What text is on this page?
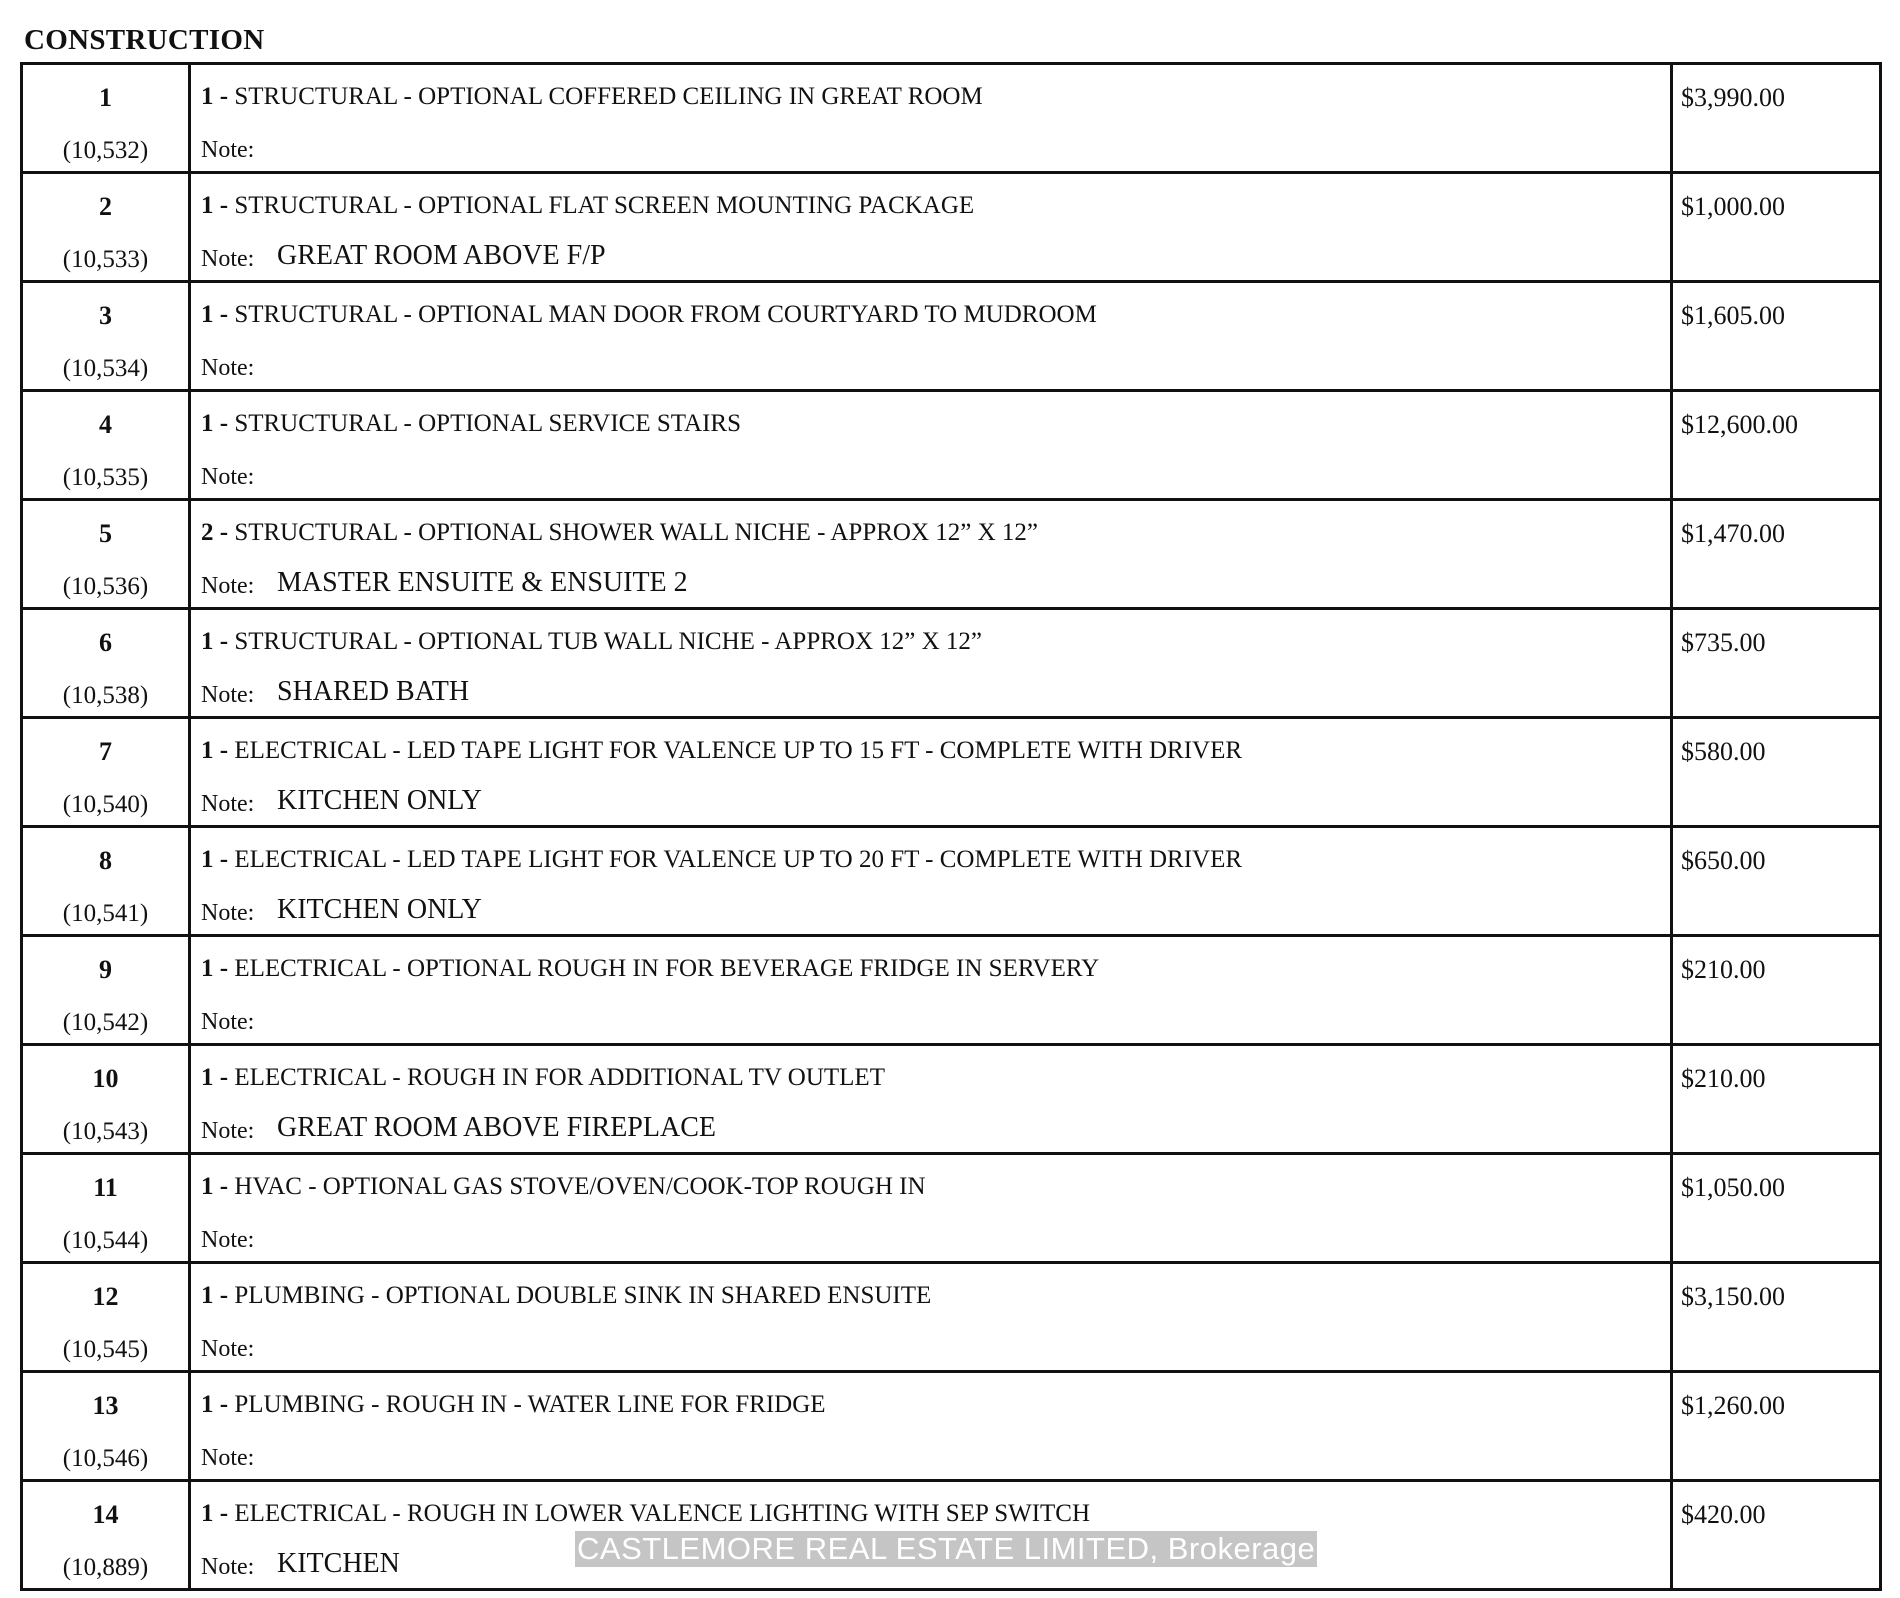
CONSTRUCTION
1
(10,532)
1 - STRUCTURAL - OPTIONAL COFFERED CEILING IN GREAT ROOM
Note:
$3,990.00
2
(10,533)
1 - STRUCTURAL - OPTIONAL FLAT SCREEN MOUNTING PACKAGE
Note: GREAT ROOM ABOVE F/P
$1,000.00
3
(10,534)
1 - STRUCTURAL - OPTIONAL MAN DOOR FROM COURTYARD TO MUDROOM
Note:
$1,605.00
4
(10,535)
1 - STRUCTURAL - OPTIONAL SERVICE STAIRS
Note:
$12,600.00
5
(10,536)
2 - STRUCTURAL - OPTIONAL SHOWER WALL NICHE - APPROX 12” X 12”
Note: MASTER ENSUITE & ENSUITE 2
$1,470.00
6
(10,538)
1 - STRUCTURAL - OPTIONAL TUB WALL NICHE - APPROX 12” X 12”
Note: SHARED BATH
$735.00
7
(10,540)
1 - ELECTRICAL - LED TAPE LIGHT FOR VALENCE UP TO 15 FT - COMPLETE WITH DRIVER
Note: KITCHEN ONLY
$580.00
8
(10,541)
1 - ELECTRICAL - LED TAPE LIGHT FOR VALENCE UP TO 20 FT - COMPLETE WITH DRIVER
Note: KITCHEN ONLY
$650.00
9
(10,542)
1 - ELECTRICAL - OPTIONAL ROUGH IN FOR BEVERAGE FRIDGE IN SERVERY
Note:
$210.00
10
(10,543)
1 - ELECTRICAL - ROUGH IN FOR ADDITIONAL TV OUTLET
Note: GREAT ROOM ABOVE FIREPLACE
$210.00
11
(10,544)
1 - HVAC - OPTIONAL GAS STOVE/OVEN/COOK-TOP ROUGH IN
Note:
$1,050.00
12
(10,545)
1 - PLUMBING - OPTIONAL DOUBLE SINK IN SHARED ENSUITE
Note:
$3,150.00
13
(10,546)
1 - PLUMBING - ROUGH IN - WATER LINE FOR FRIDGE
Note:
$1,260.00
14
(10,889)
1 - ELECTRICAL - ROUGH IN LOWER VALENCE LIGHTING WITH SEP SWITCH
Note: KITCHEN
$420.00
CASTLEMORE REAL ESTATE LIMITED, Brokerage
